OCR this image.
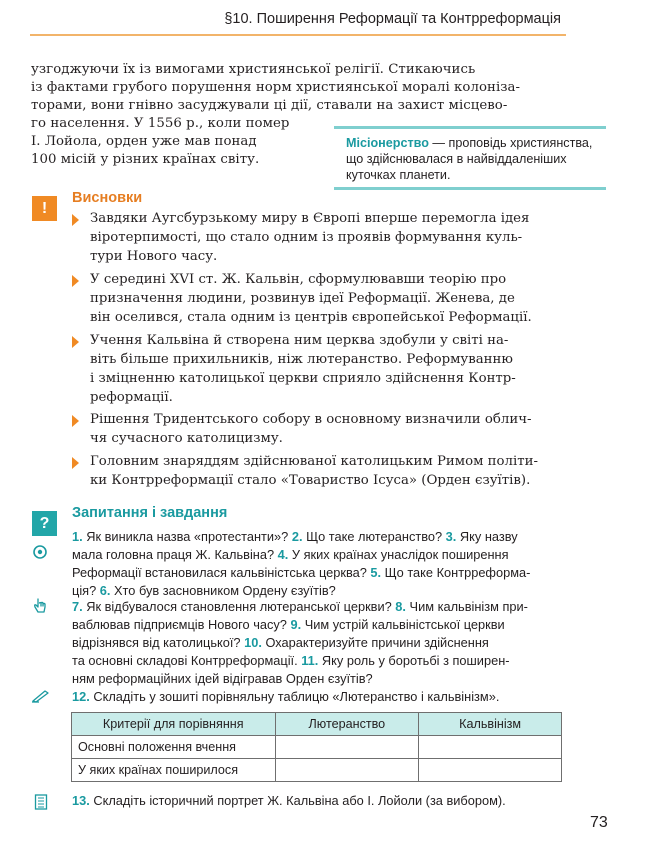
§10. Поширення Реформації та Контрреформація
узгоджуючи їх із вимогами християнської релігії. Стикаючись
із фактами грубого порушення норм християнської моралі колоніза-
торами, вони гнівно засуджували ці дії, ставали на захист місцево-
го населення. У 1556 р., коли помер
І. Лойола, орден уже мав понад
100 місій у різних країнах світу.
Місіонерство — проповідь християнства,
що здійснювалася в найвіддаленіших
куточках планети.
!
Висновки
Завдяки Аугсбурзькому миру в Європі вперше перемогла ідея
віротерпимості, що стало одним із проявів формування куль-
тури Нового часу.
У середині XVI ст. Ж. Кальвін, сформулювавши теорію про
призначення людини, розвинув ідеї Реформації. Женева, де
він оселився, стала одним із центрів європейської Реформації.
Учення Кальвіна й створена ним церква здобули у світі на-
віть більше прихильників, ніж лютеранство. Реформуванню
і зміцненню католицької церкви сприяло здійснення Контр-
реформації.
Рішення Тридентського собору в основному визначили облич-
чя сучасного католицизму.
Головним знаряддям здійснюваної католицьким Римом політи-
ки Контрреформації стало «Товариство Ісуса» (Орден єзуїтів).
?
Запитання і завдання
1. Як виникла назва «протестанти»? 2. Що таке лютеранство? 3. Яку назву
мала головна праця Ж. Кальвіна? 4. У яких країнах унаслідок поширення
Реформації встановилася кальвіністська церква? 5. Що таке Контрреформа-
ція? 6. Хто був засновником Ордену єзуїтів?
7. Як відбувалося становлення лютеранської церкви? 8. Чим кальвінізм при-
ваблював підприємців Нового часу? 9. Чим устрій кальвіністської церкви
відрізнявся від католицької? 10. Охарактеризуйте причини здійснення
та основні складові Контрреформації. 11. Яку роль у боротьбі з поширен-
ням реформаційних ідей відігравав Орден єзуїтів?
12. Складіть у зошиті порівняльну таблицю «Лютеранство і кальвінізм».
Критерії для порівняння	Лютеранство	Кальвінізм
Основні положення вчення		
У яких країнах поширилося		
13. Складіть історичний портрет Ж. Кальвіна або І. Лойоли (за вибором).
73
